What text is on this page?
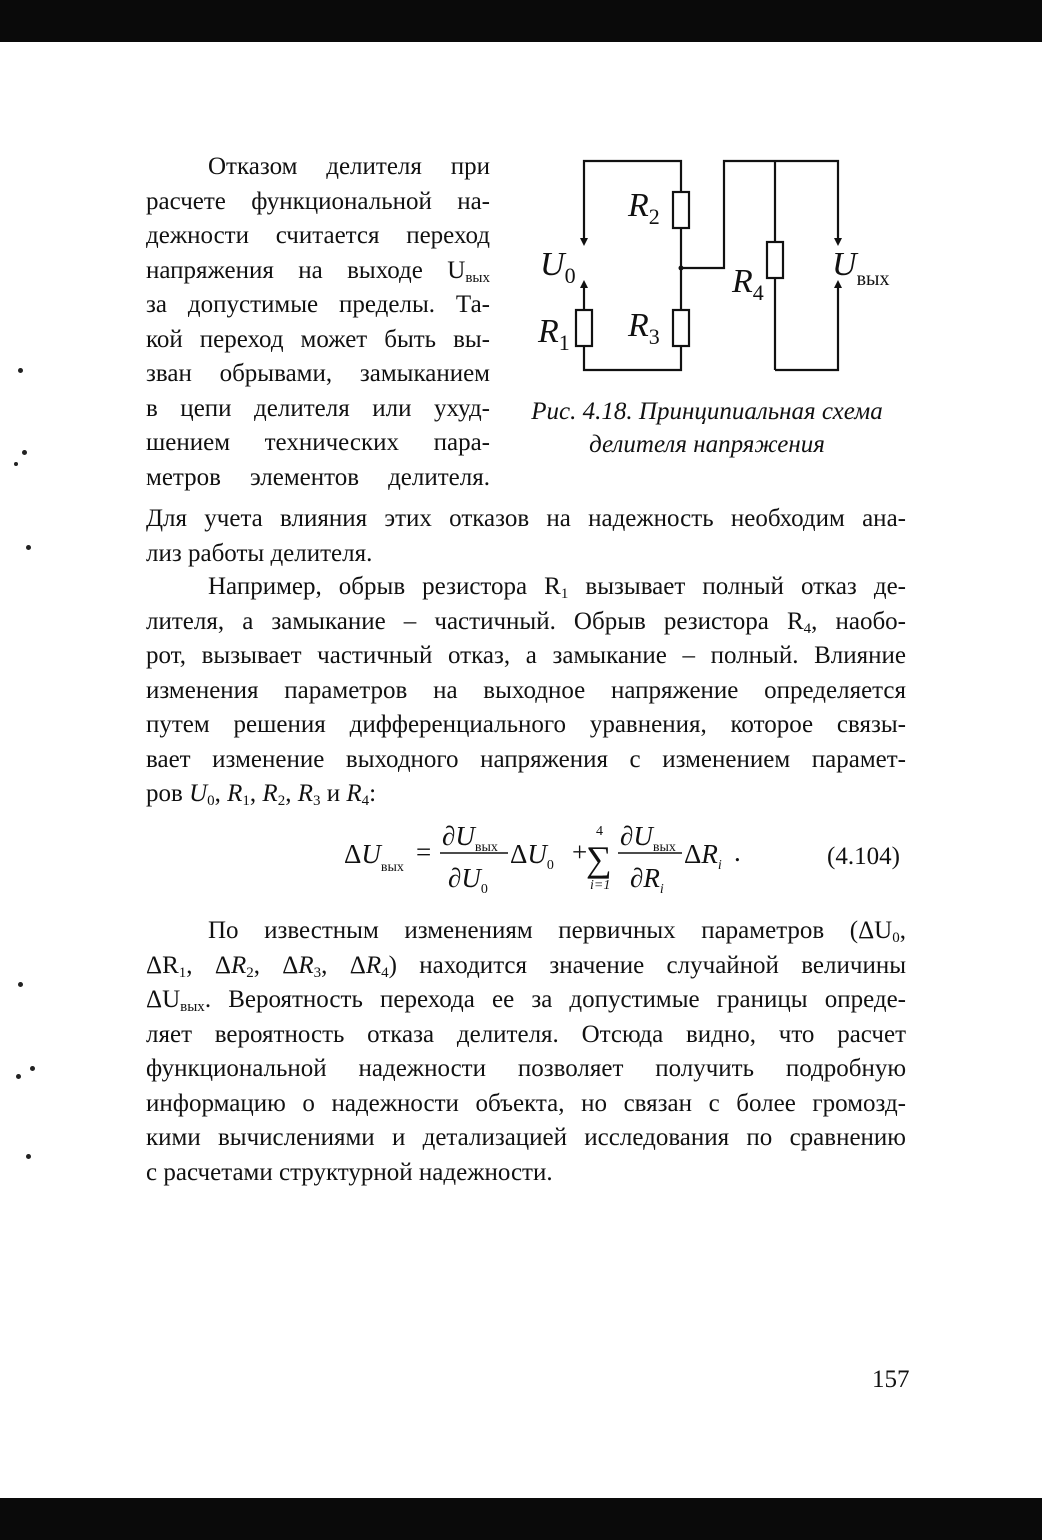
Отказом делителя при
расчете функциональной на-
дежности считается переход
напряжения на выходе $U_{вых}$
за допустимые пределы. Та-
кой переход может быть вы-
зван обрывами, замыканием
в цепи делителя или ухуд-
шением технических пара-
метров элементов делителя.
$U_0$
$R_1$
$R_2$
$R_3$
$R_4$
$U_{вых}$
Рис. 4.18. Принципиальная схема
делителя напряжения
Для учета влияния этих отказов на надежность необходим ана-
лиз работы делителя.
Например, обрыв резистора $R_1$ вызывает полный отказ де-
лителя, а замыкание – частичный. Обрыв резистора $R_4$, наобо-
рот, вызывает частичный отказ, а замыкание – полный. Влияние
изменения параметров на выходное напряжение определяется
путем решения дифференциального уравнения, которое связы-
вает изменение выходного напряжения с изменением парамет-
ров $U_0$, $R_1$, $R_2$, $R_3$ и $R_4$:
$\Delta U_{вых}$
=
$\partial U_{вых}$
$\partial U_0$
$\Delta U_0$ +
4
∑
i=1
$\partial U_{вых}$
$\partial R_i$
$\Delta R_i$ .	(4.104)
По известным изменениям первичных параметров ($\Delta U_0$,
$\Delta R_1$, $\Delta R_2$, $\Delta R_3$, $\Delta R_4$) находится значение случайной величины
$\Delta U_{вых}$. Вероятность перехода ее за допустимые границы опреде-
ляет вероятность отказа делителя. Отсюда видно, что расчет
функциональной надежности позволяет получить подробную
информацию о надежности объекта, но связан с более громозд-
кими вычислениями и детализацией исследования по сравнению
с расчетами структурной надежности.
157
